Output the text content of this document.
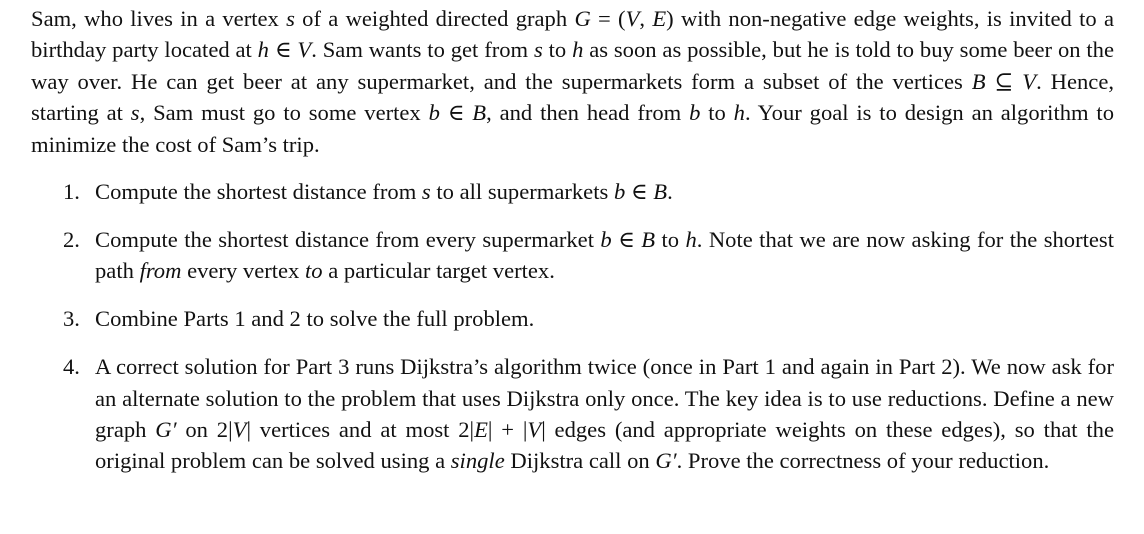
Sam, who lives in a vertex s of a weighted directed graph G = (V, E) with non-negative edge weights, is invited to a birthday party located at h ∈ V. Sam wants to get from s to h as soon as possible, but he is told to buy some beer on the way over. He can get beer at any supermarket, and the supermarkets form a subset of the vertices B ⊆ V. Hence, starting at s, Sam must go to some vertex b ∈ B, and then head from b to h. Your goal is to design an algorithm to minimize the cost of Sam’s trip.

1. Compute the shortest distance from s to all supermarkets b ∈ B.
2. Compute the shortest distance from every supermarket b ∈ B to h. Note that we are now asking for the shortest path from every vertex to a particular target vertex.
3. Combine Parts 1 and 2 to solve the full problem.
4. A correct solution for Part 3 runs Dijkstra’s algorithm twice (once in Part 1 and again in Part 2). We now ask for an alternate solution to the problem that uses Dijkstra only once. The key idea is to use reductions. Define a new graph G′ on 2|V| vertices and at most 2|E| + |V| edges (and appropriate weights on these edges), so that the original problem can be solved using a single Dijkstra call on G′. Prove the correctness of your reduction.
